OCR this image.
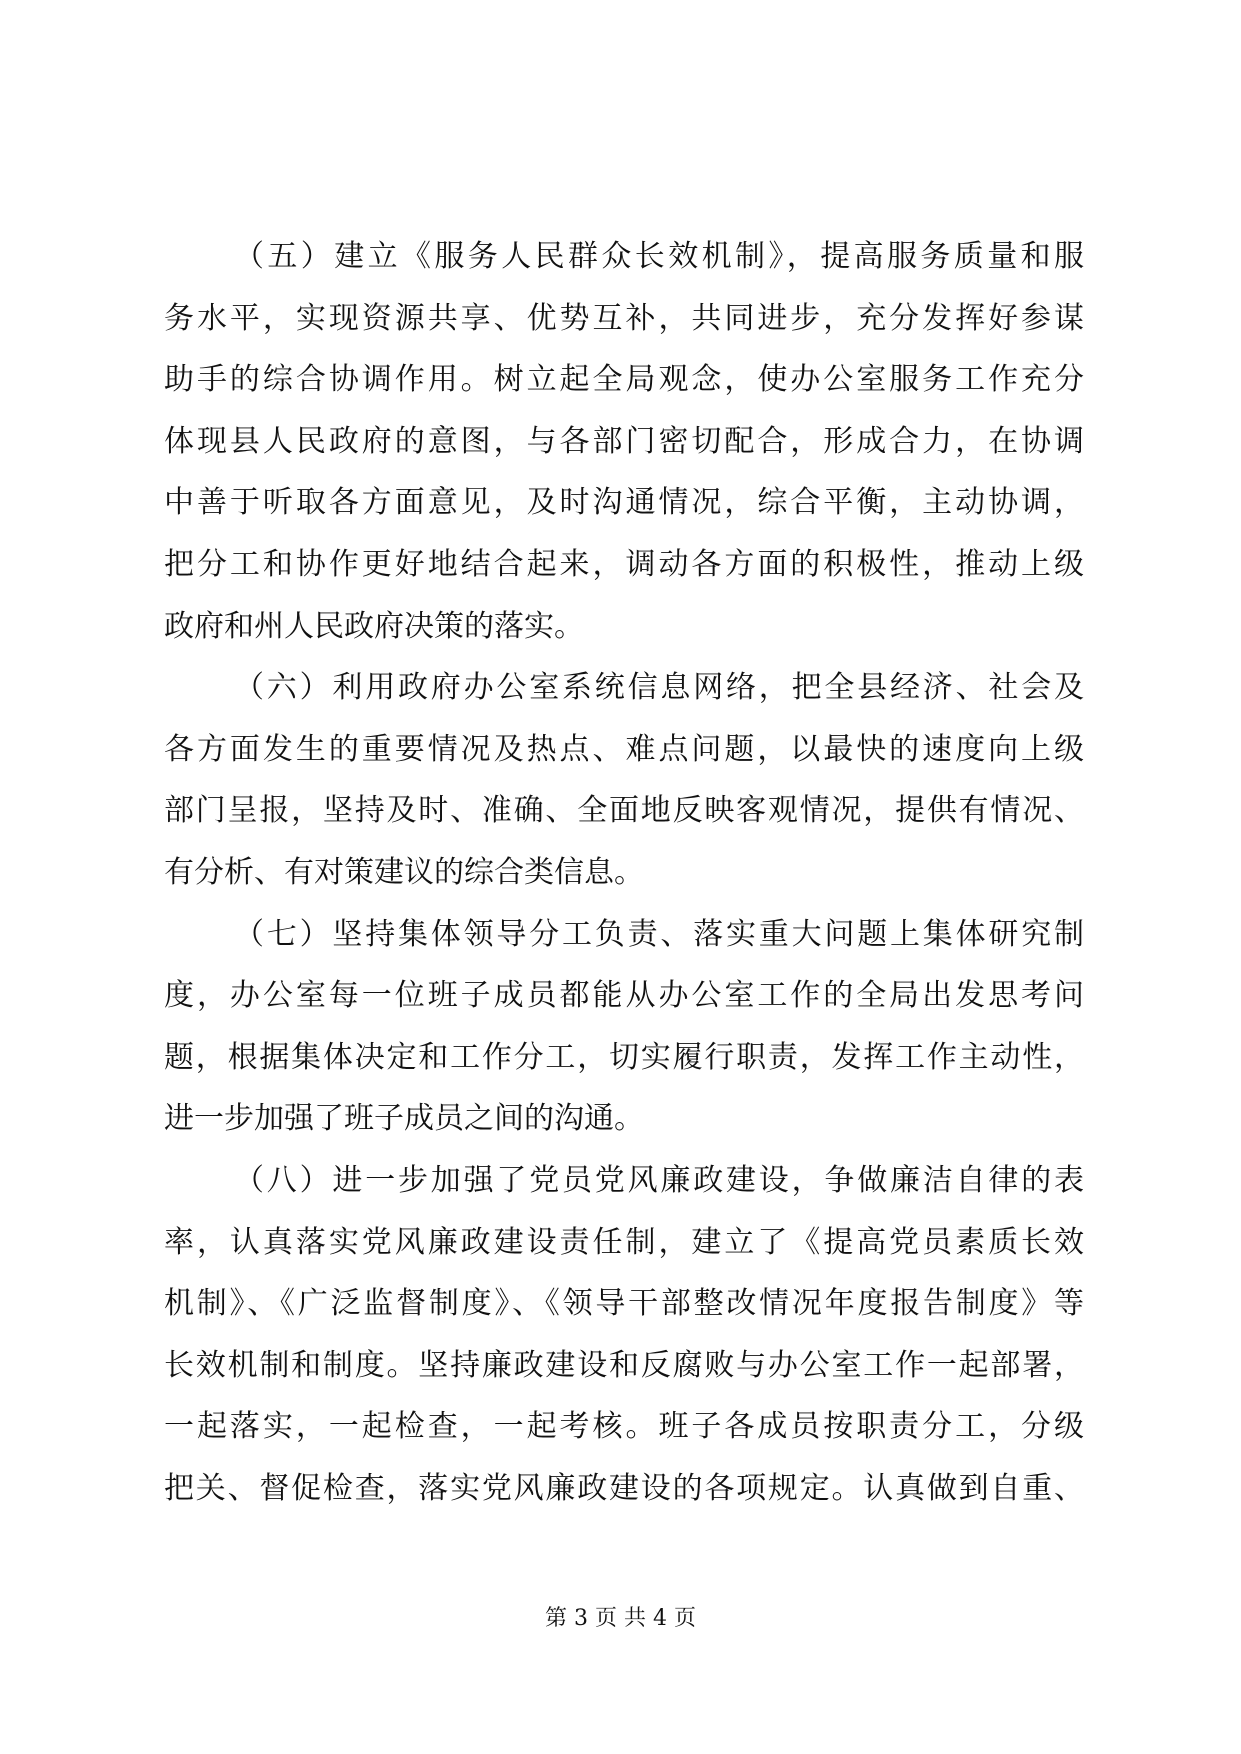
（五）建立《服务人民群众长效机制》，提高服务质量和服
务水平，实现资源共享、优势互补，共同进步，充分发挥好参谋
助手的综合协调作用。树立起全局观念，使办公室服务工作充分
体现县人民政府的意图，与各部门密切配合，形成合力，在协调
中善于听取各方面意见，及时沟通情况，综合平衡，主动协调，
把分工和协作更好地结合起来，调动各方面的积极性，推动上级
政府和州人民政府决策的落实。
（六）利用政府办公室系统信息网络，把全县经济、社会及
各方面发生的重要情况及热点、难点问题，以最快的速度向上级
部门呈报，坚持及时、准确、全面地反映客观情况，提供有情况、
有分析、有对策建议的综合类信息。
（七）坚持集体领导分工负责、落实重大问题上集体研究制
度，办公室每一位班子成员都能从办公室工作的全局出发思考问
题，根据集体决定和工作分工，切实履行职责，发挥工作主动性，
进一步加强了班子成员之间的沟通。
（八）进一步加强了党员党风廉政建设，争做廉洁自律的表
率，认真落实党风廉政建设责任制，建立了《提高党员素质长效
机制》、《广泛监督制度》、《领导干部整改情况年度报告制度》等
长效机制和制度。坚持廉政建设和反腐败与办公室工作一起部署，
一起落实，一起检查，一起考核。班子各成员按职责分工，分级
把关、督促检查，落实党风廉政建设的各项规定。认真做到自重、
第 3 页 共 4 页
